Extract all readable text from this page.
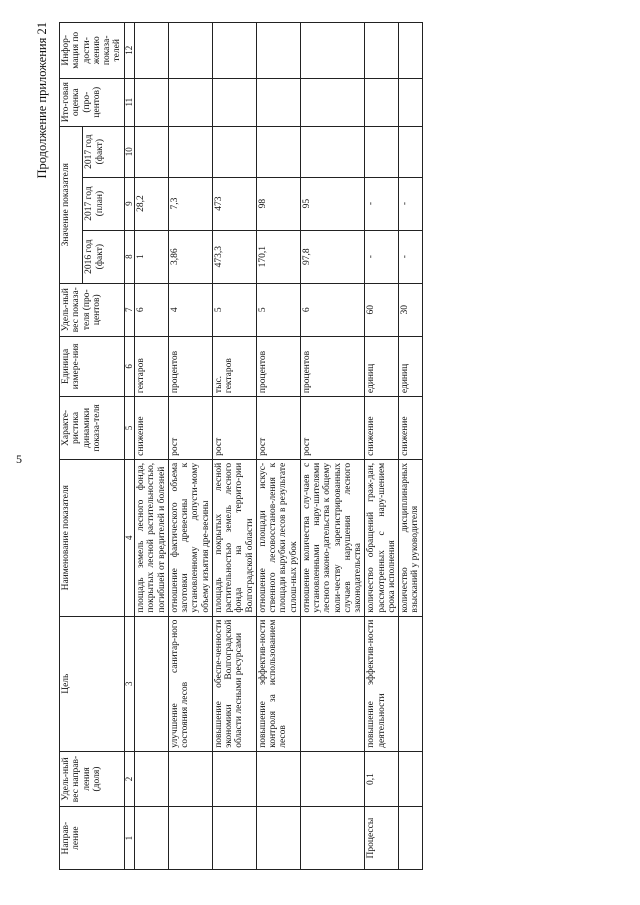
5
Продолжение приложения 21
Направ-ление	Удель-ный вес направ-ления (доля)	Цель	Наименование показателя	Характе-ристика динамики показа-теля	Единица измере-ния	Удель-ный вес показа-теля (про-центов)	Значение показателя			Ито-говая оценка (про-центов)	Инфор-мация по дости-жению показа-телей
							2016 год (факт)	2017 год (план)	2017 год (факт)		
1	2	3	4	5	6	7	8	9	10	11	12
			площадь земель лесного фонда, покрытых лесной растительностью, погибшей от вредителей и болезней	снижение	гектаров	6	1	28,2			
		улучшение санитар-ного состояния лесов	отношение фактического объема заготовки древесины к установленному допусти-мому объему изъятия дре-весины	рост	процентов	4	3,86	7,3			
		повышение обеспе-ченности экономики Волгоградской области лесными ресурсами	площадь покрытых лесной растительностью земель лесного фонда на террито-рии Волгоградской области	рост	тыс. гектаров	5	473,3	473			
		повышение эффектив-ности контроля за использованием лесов	отношение площади искус-ственного лесовосстанов-ления к площади вырубки лесов в результате сплош-ных рубок	рост	процентов	5	170,1	98			
			отношение количества слу-чаев с установленными нару-шителями лесного законо-дательства к общему коли-честву зарегистрированных случаев нарушения лесного законодательства	рост	процентов	6	97,8	95			
Процессы	0,1	повышение эффектив-ности деятельности	количество обращений граж-дан, рассмотренных с нару-шением срока исполнения	снижение	единиц	60	-	-			
			количество дисциплинарных взысканий у руководителя	снижение	единиц	30	-	-			
